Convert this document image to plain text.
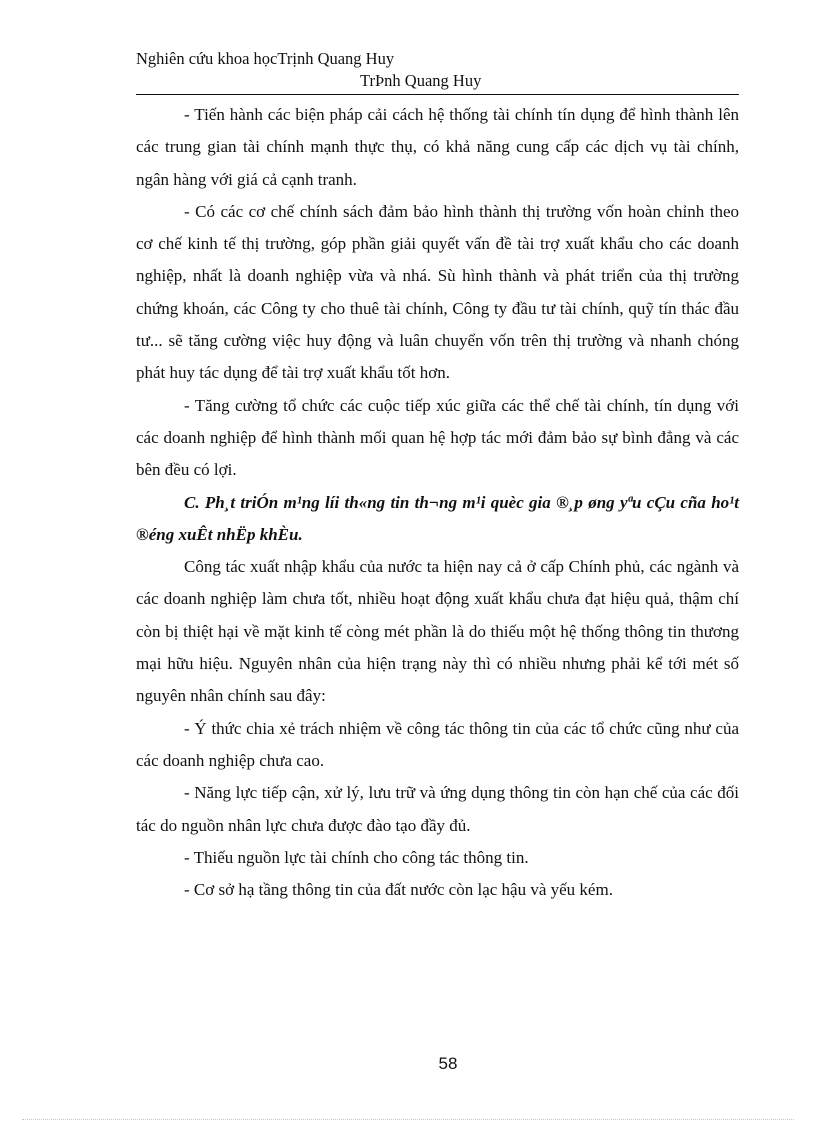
Nghiên cứu khoa họcTrịnh Quang Huy
TrÞnh Quang Huy

- Tiến hành các biện pháp cải cách hệ thống tài chính tín dụng để hình thành lên các trung gian tài chính mạnh thực thụ, có khả năng cung cấp các dịch vụ tài chính, ngân hàng với giá cả cạnh tranh.

- Có các cơ chế chính sách đảm bảo hình thành thị trường vốn hoàn chỉnh theo cơ chế kinh tế thị trường, góp phần giải quyết vấn đề tài trợ xuất khẩu cho các doanh nghiệp, nhất là doanh nghiệp vừa và nhá. Sù hình thành và phát triển của thị trường chứng khoán, các Công ty cho thuê tài chính, Công ty đầu tư tài chính, quỹ tín thác đầu tư... sẽ tăng cường việc huy động và luân chuyển vốn trên thị trường và nhanh chóng phát huy tác dụng để tài trợ xuất khẩu tốt hơn.

- Tăng cường tổ chức các cuộc tiếp xúc giữa các thể chế tài chính, tín dụng với các doanh nghiệp để hình thành mối quan hệ hợp tác mới đảm bảo sự bình đẳng và các bên đều có lợi.

C. Ph¸t triÓn m¹ng líi th«ng tin th¬ng m¹i quèc gia ®¸p øng yªu cÇu cña ho¹t ®éng xuÊt nhËp khÈu.

Công tác xuất nhập khẩu của nước ta hiện nay cả ở cấp Chính phủ, các ngành và các doanh nghiệp làm chưa tốt, nhiều hoạt động xuất khẩu chưa đạt hiệu quả, thậm chí còn bị thiệt hại về mặt kinh tế còng mét phần là do thiếu một hệ thống thông tin thương mại hữu hiệu. Nguyên nhân của hiện trạng này thì có nhiều nhưng phải kể tới mét số nguyên nhân chính sau đây:

- Ý thức chia xẻ trách nhiệm về công tác thông tin của các tổ chức cũng như của các doanh nghiệp chưa cao.

- Năng lực tiếp cận, xử lý, lưu trữ và ứng dụng thông tin còn hạn chế của các đối tác do nguồn nhân lực chưa được đào tạo đầy đủ.

- Thiếu nguồn lực tài chính cho công tác thông tin.

- Cơ sở hạ tầng thông tin của đất nước còn lạc hậu và yếu kém.

58
